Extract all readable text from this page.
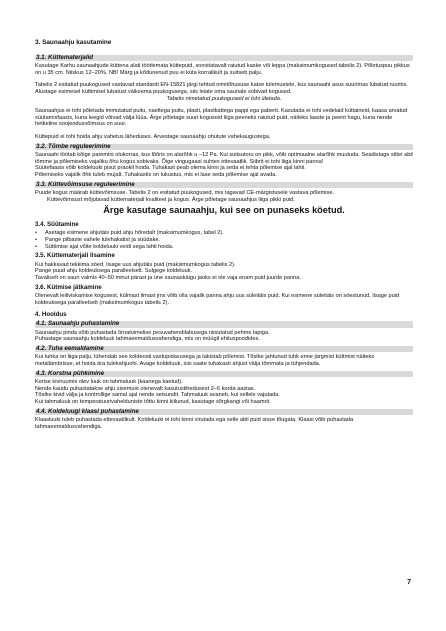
3. Saunaahju kasutamine

3.1. Küttematerjalid

Kasutage Karhu saunaahjude küttena alati töötlemata küttepuid, soovitatavalt raiutud kaske või leppa (maksimumkogused tabelis 2). Põletuspuu pikkus on u 35 cm. Niiskus 12–20%. NB! Märg ja kõdunenud puu ei küta korralikult ja suitseb palju.

Tabelis 2 esitatud puukogused vastavad standardi EN-15821 järgi tehtud nimitõhususe katse tulemustele, kus saunaahi asus suurimas lubatud ruumis. Alustage esimesel küttimisel lubatust väiksema puukogusega, siis leiate oma saunale sobivad kogused.

Tabelis nimetatud puukoguseid ei tohi ületada.

Saunaahjus ei tohi põletada immutatud puitu, naeltega puitu, plasti, plastkattega pappi ega paberit. Kasutada ei tohi vedelaid küttaineid, kaasa arvatud süütamisfaasis, kuna leegid võivad välja lüüa. Ärge põletage suuri koguseid liiga peeneks raiutud puid, näiteks laaste ja peent hagu, kuna nende hetkeline soojendusvõimsus on suur.

Küttepuid ei tohi hoida ahju vahetus läheduses. Arvestage saunaahju ohutute vahekaugustega.

3.2. Tõmbe reguleerimine

Saunaahi töötab kõige paremini olukorras, kus lõõris on alarõhk u –12 Pa. Kui suitsutoru on pikk, võib optimaalne alarõhk muutuda. Seadistage siibri abil tõmme ja põlemiseks vajaliku õhu kogus sobivaks. Õige vingugaasi suhtes ettevaatlik. Siibrit ei tohi liiga kinni panna!

Süütefaasis võib koldeluuki pisut praokil hoida. Tuhakast peab olema kinni ja seda ei tehta põlemise ajal lahti.

Põlemiseks vajalik õhk tuleb mujalt. Tuhakastis on lukustus, mis ei lase seda põlemise ajal avada.

3.3. Küttevõimsuse reguleerimine

Puude kogus määrab küttevõimsuse. Tabelis 2 on esitatud puukogused, mis tagavad CE-märgistusele vastava põlemise.

Küttevõimsust mõjutavad küttematerjali kvaliteet ja kogus. Ärge põletage saunaahjus liiga pikki puid.

Ärge kasutage saunaahju, kui see on punaseks köetud.

3.4. Süütamine

• Asetage esimene ahjutäis puid ahju hõredalt (maksimumkogus, tabel 2).
• Pange pilbaste vahele tulehakatist ja süüdake.
• Süttimise ajal võite koldeluuki veidi sega lahti hoida.

3.5. Küttematerjali lisamine

Kui hakkavad tekkima söed, lisage uus ahjutäis puid (maksimumkogus tabelis 2).

Pange puud ahju koldeuksega paralleelselt. Sulgege koldeluuk.

Tavaliselt on saun valmis 40–50 minut pärast ja üne saunaskäigu jaoks ei ole vaja enam puid juurde panna.

3.6. Kütmise jätkamine

Olenevalt leiliviskamise kogusest, külmast ilmast jms võib olla vajalik panna ahju uus süleitäis puid. Kui esimene süleitäis on söestunud, lisage puid koldeuksega paralleelselt (maksimumkogus tabelis 2).

4. Hooldus

4.1. Saunaahju puhastamine

Saunaahju pinda võib puhastada õrnatoimelise pesuvahendilahusega niisutatud pehme lapiga.

Puhastage saunaahju koldeluuk tahmaeemaldusvahendiga, mis on müügil ehituspoodides.

4.2. Tuha eemaldamine

Kui tuhka on liiga palju, lühendab see koldeosti vastupidavusega ja takistab põlemist. Tõstke jahtunud tuhk enne järgmist küttmist näiteks metallämbrisse, et hoida ära tulekahjuohi. Avage koldeluuk, siis saate tuhakasti ahjust välja tõmmata ja tühjendada.

4.3. Korstna pühkimine

Kerise kiviruumis olev luuk on tahmaluuk (kaanega kaetud).

Nende kaudu puhastatakse ahju sisemust olenevalt kasutustihedusest 2–6 korda aastas.

Tõstke kivid välja ja kontrollige samal ajal nende seisundit. Tahmaluuk avaneb, kui sellele vajutada.

Kui tahmaluuk on temperatuurivahelduniste tõttu kinni kiilunud, kasutage sõrgkangi või haamrit.

4.4. Koldeluugi klaasi puhastamine

Klaasluuki tuleb puhastada ettevaatlikult. Koldeluuki ei tohi kinni virutada ega selle abil puid sisse tõugata. Klaasi võib puhastada tahmaeemaldusvahendiga.

7
